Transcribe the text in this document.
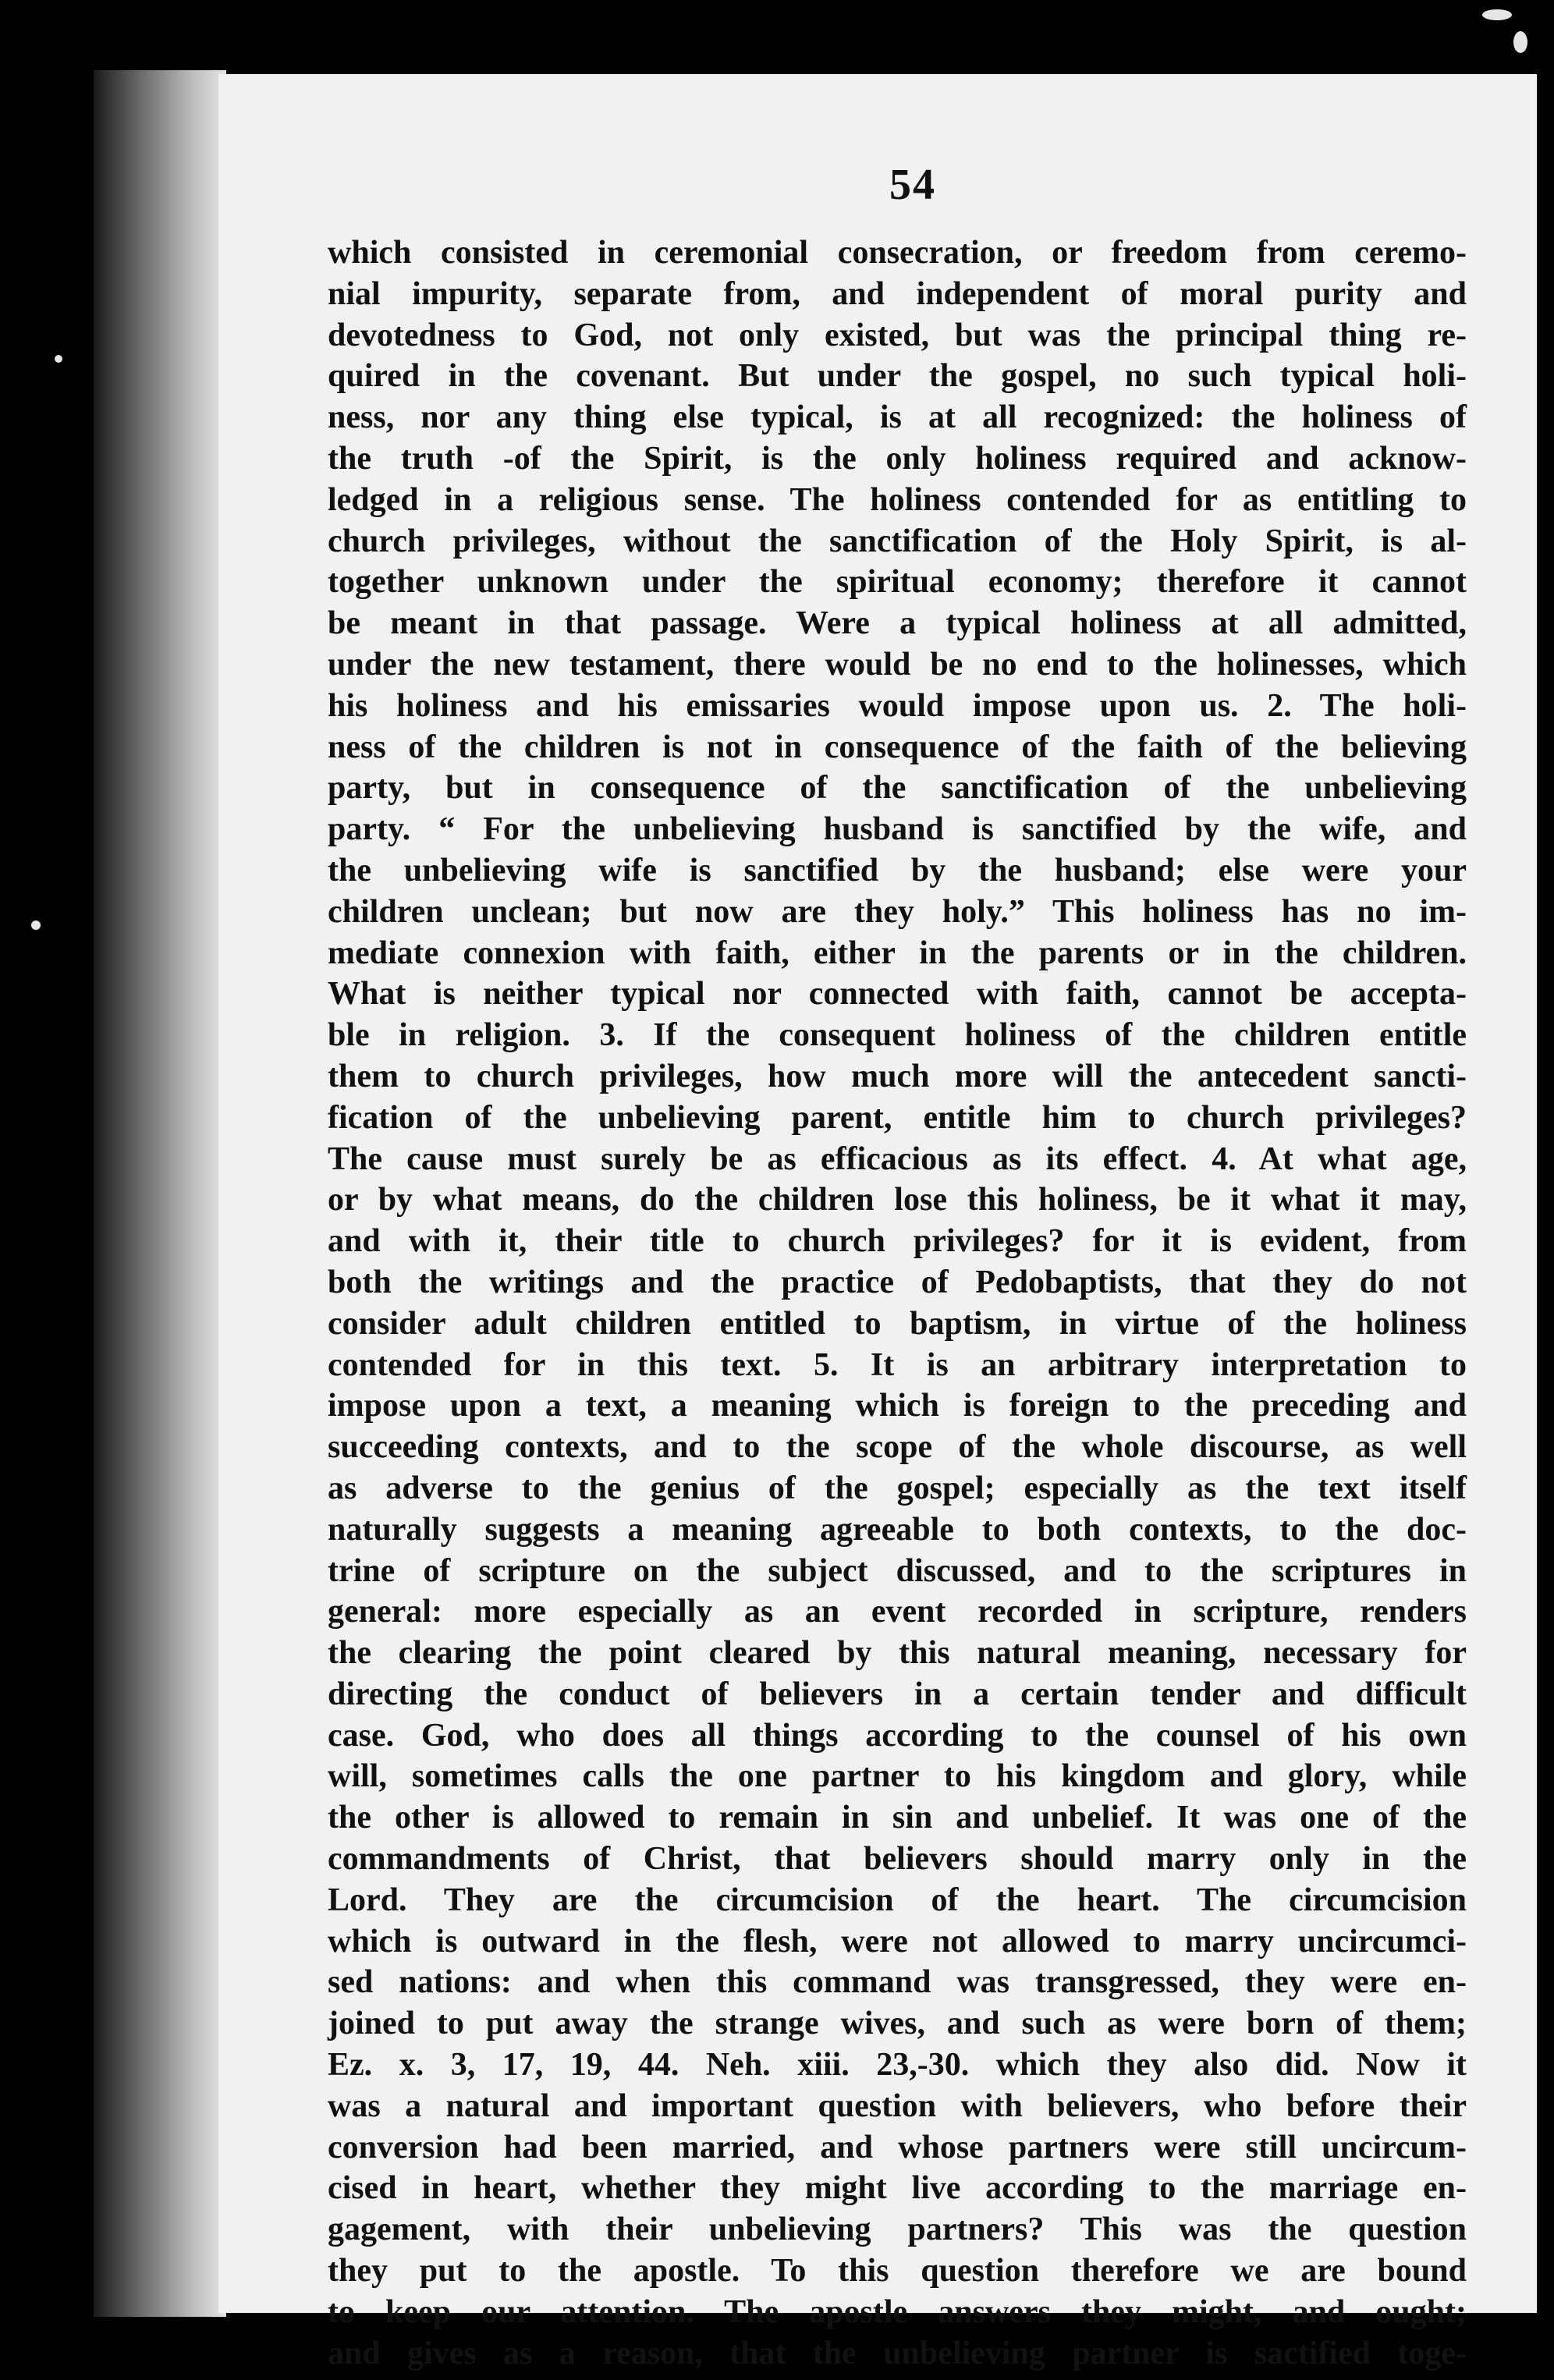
54
which consisted in ceremonial consecration, or freedom from ceremo-
nial impurity, separate from, and independent of moral purity and
devotedness to God, not only existed, but was the principal thing re-
quired in the covenant. But under the gospel, no such typical holi-
ness, nor any thing else typical, is at all recognized: the holiness of
the truth -of the Spirit, is the only holiness required and acknow-
ledged in a religious sense. The holiness contended for as entitling to
church privileges, without the sanctification of the Holy Spirit, is al-
together unknown under the spiritual economy; therefore it cannot
be meant in that passage. Were a typical holiness at all admitted,
under the new testament, there would be no end to the holinesses, which
his holiness and his emissaries would impose upon us. 2. The holi-
ness of the children is not in consequence of the faith of the believing
party, but in consequence of the sanctification of the unbelieving
party. “ For the unbelieving husband is sanctified by the wife, and
the unbelieving wife is sanctified by the husband; else were your
children unclean; but now are they holy.” This holiness has no im-
mediate connexion with faith, either in the parents or in the children.
What is neither typical nor connected with faith, cannot be accepta-
ble in religion. 3. If the consequent holiness of the children entitle
them to church privileges, how much more will the antecedent sancti-
fication of the unbelieving parent, entitle him to church privileges?
The cause must surely be as efficacious as its effect. 4. At what age,
or by what means, do the children lose this holiness, be it what it may,
and with it, their title to church privileges? for it is evident, from
both the writings and the practice of Pedobaptists, that they do not
consider adult children entitled to baptism, in virtue of the holiness
contended for in this text. 5. It is an arbitrary interpretation to
impose upon a text, a meaning which is foreign to the preceding and
succeeding contexts, and to the scope of the whole discourse, as well
as adverse to the genius of the gospel; especially as the text itself
naturally suggests a meaning agreeable to both contexts, to the doc-
trine of scripture on the subject discussed, and to the scriptures in
general: more especially as an event recorded in scripture, renders
the clearing the point cleared by this natural meaning, necessary for
directing the conduct of believers in a certain tender and difficult
case. God, who does all things according to the counsel of his own
will, sometimes calls the one partner to his kingdom and glory, while
the other is allowed to remain in sin and unbelief. It was one of the
commandments of Christ, that believers should marry only in the
Lord. They are the circumcision of the heart. The circumcision
which is outward in the flesh, were not allowed to marry uncircumci-
sed nations: and when this command was transgressed, they were en-
joined to put away the strange wives, and such as were born of them;
Ez. x. 3, 17, 19, 44. Neh. xiii. 23,-30. which they also did. Now it
was a natural and important question with believers, who before their
conversion had been married, and whose partners were still uncircum-
cised in heart, whether they might live according to the marriage en-
gagement, with their unbelieving partners? This was the question
they put to the apostle. To this question therefore we are bound
to keep our attention. The apostle answers they might, and ought;
and gives as a reason, that the unbelieving partner is sactified toge-
